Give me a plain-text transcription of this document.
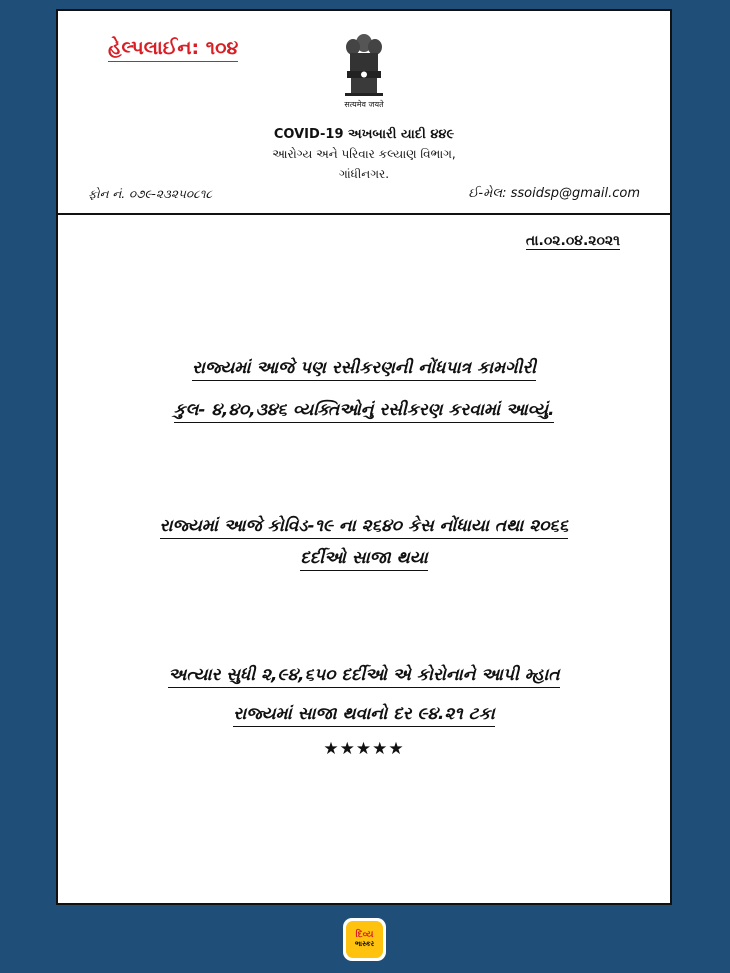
હેલ્પલાઈન: ૧૦૪
सत्यमेव जयते
COVID-19 અખબારી યાદી ૪૪૯
આરોગ્ય અને પરિવાર કલ્યાણ વિભાગ,
ગાંધીનગર.
ફોન નં. ૦૭૯-૨૩૨૫૦૮૧૮	ઈ-મેલ: ssoidsp@gmail.com
તા.૦૨.૦૪.૨૦૨૧
રાજ્યમાં આજે પણ રસીકરણની નોંધપાત્ર કામગીરી
કુલ- ૪,૪૦,૩૪૬ વ્યક્તિઓનું રસીકરણ કરવામાં આવ્યું.
રાજ્યમાં આજે કોવિડ-૧૯ ના ૨૬૪૦ કેસ નોંધાયા તથા ૨૦૬૬
દર્દીઓ સાજા થયા
અત્યાર સુધી ૨,૯૪,૬૫૦ દર્દીઓ એ કોરોનાને આપી મ્હાત
રાજ્યમાં સાજા થવાનો દર ૯૪.૨૧ ટકા
★★★★★
દિવ્ય
ભાસ્કર
